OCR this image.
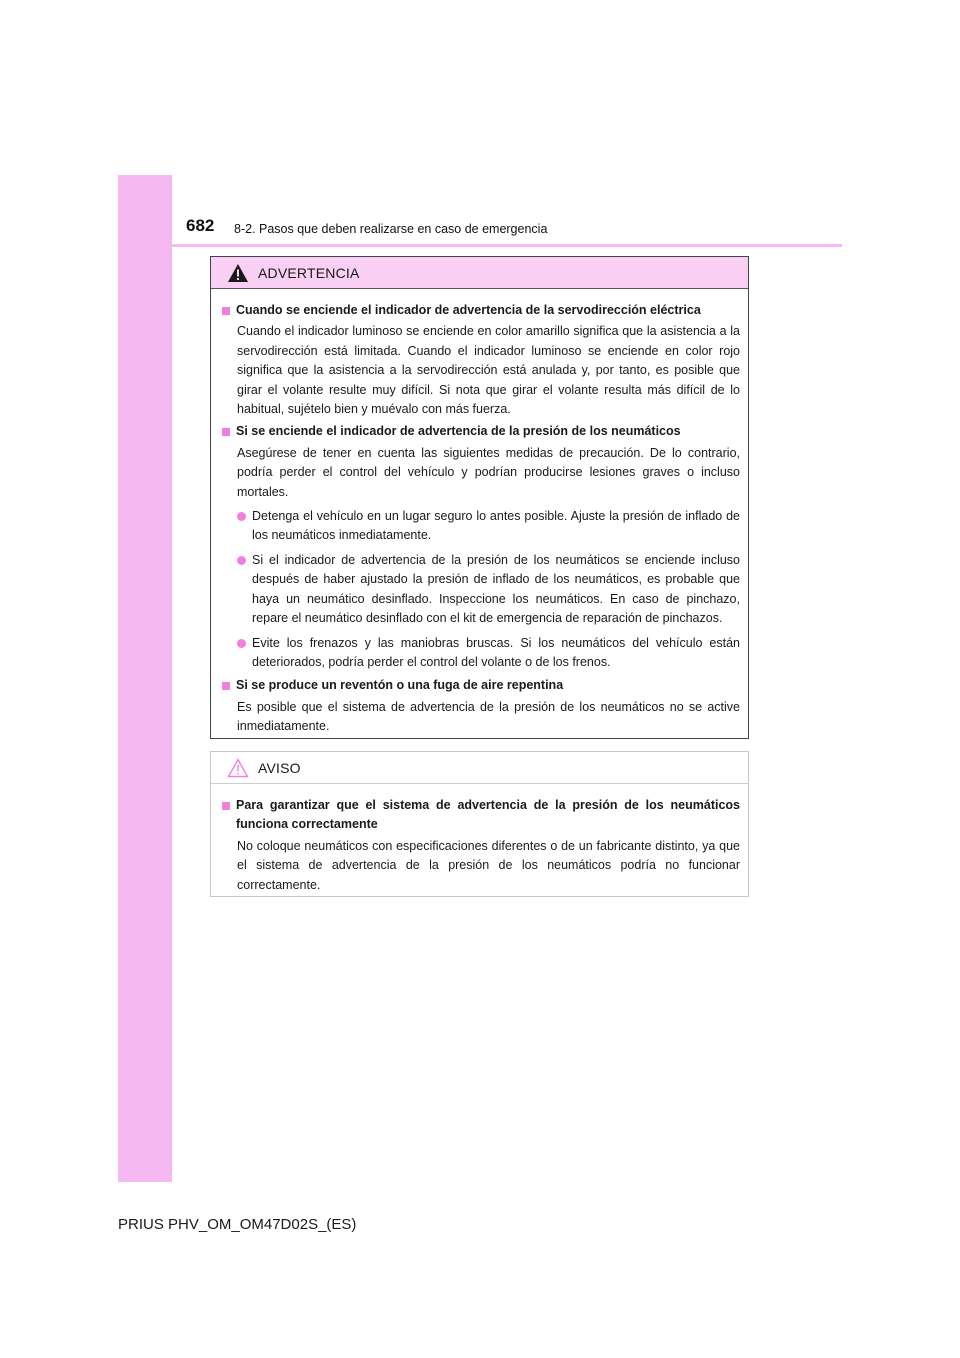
682 8-2. Pasos que deben realizarse en caso de emergencia
ADVERTENCIA
Cuando se enciende el indicador de advertencia de la servodirección eléctrica
Cuando el indicador luminoso se enciende en color amarillo significa que la asistencia a la servodirección está limitada. Cuando el indicador luminoso se enciende en color rojo significa que la asistencia a la servodirección está anulada y, por tanto, es posible que girar el volante resulte muy difícil. Si nota que girar el volante resulta más difícil de lo habitual, sujételo bien y muévalo con más fuerza.
Si se enciende el indicador de advertencia de la presión de los neumáticos
Asegúrese de tener en cuenta las siguientes medidas de precaución. De lo contrario, podría perder el control del vehículo y podrían producirse lesiones graves o incluso mortales.
Detenga el vehículo en un lugar seguro lo antes posible. Ajuste la presión de inflado de los neumáticos inmediatamente.
Si el indicador de advertencia de la presión de los neumáticos se enciende incluso después de haber ajustado la presión de inflado de los neumáticos, es probable que haya un neumático desinflado. Inspeccione los neumáticos. En caso de pinchazo, repare el neumático desinflado con el kit de emergencia de reparación de pinchazos.
Evite los frenazos y las maniobras bruscas. Si los neumáticos del vehículo están deteriorados, podría perder el control del volante o de los frenos.
Si se produce un reventón o una fuga de aire repentina
Es posible que el sistema de advertencia de la presión de los neumáticos no se active inmediatamente.
AVISO
Para garantizar que el sistema de advertencia de la presión de los neumáticos funciona correctamente
No coloque neumáticos con especificaciones diferentes o de un fabricante distinto, ya que el sistema de advertencia de la presión de los neumáticos podría no funcionar correctamente.
PRIUS PHV_OM_OM47D02S_(ES)
